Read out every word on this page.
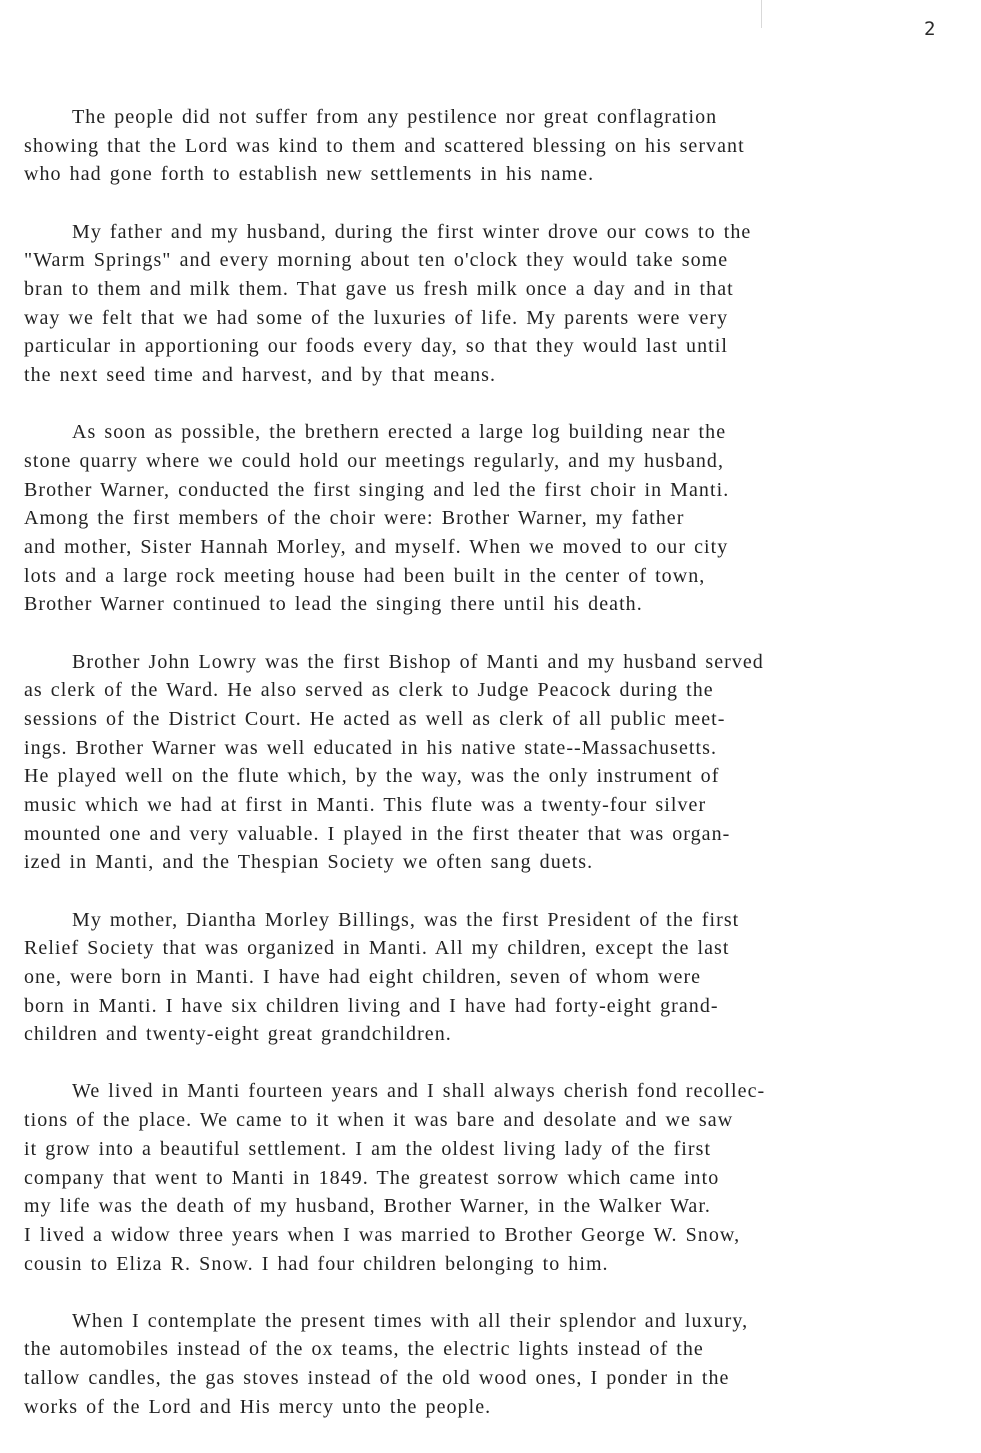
2
The people did not suffer from any pestilence nor great conflagration
showing that the Lord was kind to them and scattered blessing on his servant
who had gone forth to establish new settlements in his name.
My father and my husband, during the first winter drove our cows to the
"Warm Springs" and every morning about ten o'clock they would take some
bran to them and milk them. That gave us fresh milk once a day and in that
way we felt that we had some of the luxuries of life. My parents were very
particular in apportioning our foods every day, so that they would last until
the next seed time and harvest, and by that means.
As soon as possible, the brethern erected a large log building near the
stone quarry where we could hold our meetings regularly, and my husband,
Brother Warner, conducted the first singing and led the first choir in Manti.
Among the first members of the choir were: Brother Warner, my father
and mother, Sister Hannah Morley, and myself. When we moved to our city
lots and a large rock meeting house had been built in the center of town,
Brother Warner continued to lead the singing there until his death.
Brother John Lowry was the first Bishop of Manti and my husband served
as clerk of the Ward. He also served as clerk to Judge Peacock during the
sessions of the District Court. He acted as well as clerk of all public meet-
ings. Brother Warner was well educated in his native state--Massachusetts.
He played well on the flute which, by the way, was the only instrument of
music which we had at first in Manti. This flute was a twenty-four silver
mounted one and very valuable. I played in the first theater that was organ-
ized in Manti, and the Thespian Society we often sang duets.
My mother, Diantha Morley Billings, was the first President of the first
Relief Society that was organized in Manti. All my children, except the last
one, were born in Manti. I have had eight children, seven of whom were
born in Manti. I have six children living and I have had forty-eight grand-
children and twenty-eight great grandchildren.
We lived in Manti fourteen years and I shall always cherish fond recollec-
tions of the place. We came to it when it was bare and desolate and we saw
it grow into a beautiful settlement. I am the oldest living lady of the first
company that went to Manti in 1849. The greatest sorrow which came into
my life was the death of my husband, Brother Warner, in the Walker War.
I lived a widow three years when I was married to Brother George W. Snow,
cousin to Eliza R. Snow. I had four children belonging to him.
When I contemplate the present times with all their splendor and luxury,
the automobiles instead of the ox teams, the electric lights instead of the
tallow candles, the gas stoves instead of the old wood ones, I ponder in the
works of the Lord and His mercy unto the people.
